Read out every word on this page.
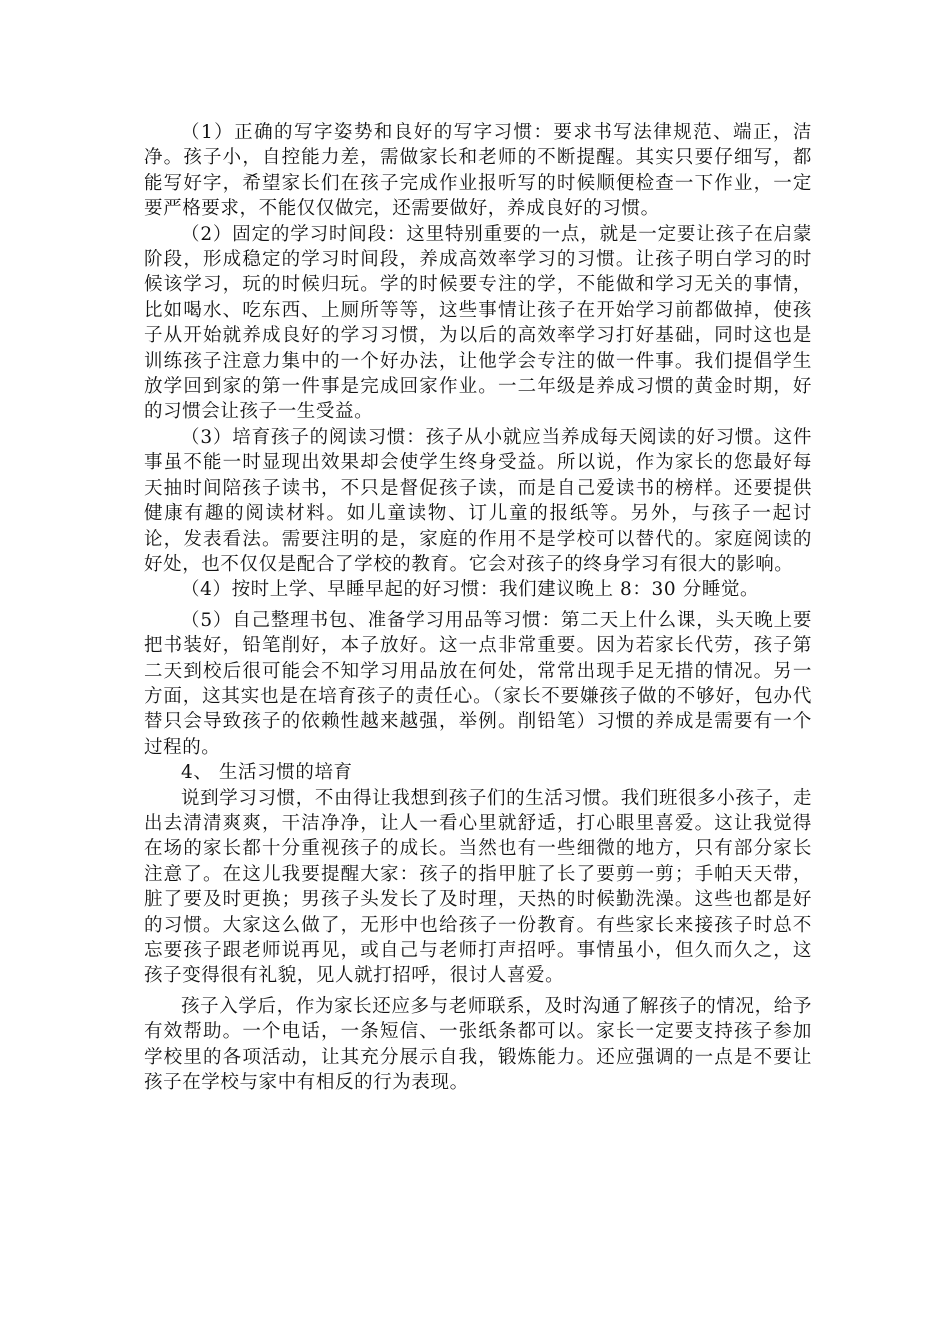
（1）正确的写字姿势和良好的写字习惯：要求书写法律规范、端正，洁净。孩子小，自控能力差，需做家长和老师的不断提醒。其实只要仔细写，都能写好字，希望家长们在孩子完成作业报听写的时候顺便检查一下作业，一定要严格要求，不能仅仅做完，还需要做好，养成良好的习惯。

（2）固定的学习时间段：这里特别重要的一点，就是一定要让孩子在启蒙阶段，形成稳定的学习时间段，养成高效率学习的习惯。让孩子明白学习的时候该学习，玩的时候归玩。学的时候要专注的学，不能做和学习无关的事情，比如喝水、吃东西、上厕所等等，这些事情让孩子在开始学习前都做掉，使孩子从开始就养成良好的学习习惯，为以后的高效率学习打好基础，同时这也是训练孩子注意力集中的一个好办法，让他学会专注的做一件事。我们提倡学生放学回到家的第一件事是完成回家作业。一二年级是养成习惯的黄金时期，好的习惯会让孩子一生受益。

（3）培育孩子的阅读习惯：孩子从小就应当养成每天阅读的好习惯。这件事虽不能一时显现出效果却会使学生终身受益。所以说，作为家长的您最好每天抽时间陪孩子读书，不只是督促孩子读，而是自己爱读书的榜样。还要提供健康有趣的阅读材料。如儿童读物、订儿童的报纸等。另外，与孩子一起讨论，发表看法。需要注明的是，家庭的作用不是学校可以替代的。家庭阅读的好处，也不仅仅是配合了学校的教育。它会对孩子的终身学习有很大的影响。

（4）按时上学、早睡早起的好习惯：我们建议晚上 8：30 分睡觉。

（5）自己整理书包、准备学习用品等习惯：第二天上什么课，头天晚上要把书装好，铅笔削好，本子放好。这一点非常重要。因为若家长代劳，孩子第二天到校后很可能会不知学习用品放在何处，常常出现手足无措的情况。另一方面，这其实也是在培育孩子的责任心。（家长不要嫌孩子做的不够好，包办代替只会导致孩子的依赖性越来越强，举例。削铅笔）习惯的养成是需要有一个过程的。

4、 生活习惯的培育

说到学习习惯，不由得让我想到孩子们的生活习惯。我们班很多小孩子，走出去清清爽爽，干洁净净，让人一看心里就舒适，打心眼里喜爱。这让我觉得在场的家长都十分重视孩子的成长。当然也有一些细微的地方，只有部分家长注意了。在这儿我要提醒大家：孩子的指甲脏了长了要剪一剪；手帕天天带，脏了要及时更换；男孩子头发长了及时理，天热的时候勤洗澡。这些也都是好的习惯。大家这么做了，无形中也给孩子一份教育。有些家长来接孩子时总不忘要孩子跟老师说再见，或自己与老师打声招呼。事情虽小，但久而久之，这孩子变得很有礼貌，见人就打招呼，很讨人喜爱。

孩子入学后，作为家长还应多与老师联系，及时沟通了解孩子的情况，给予有效帮助。一个电话，一条短信、一张纸条都可以。家长一定要支持孩子参加学校里的各项活动，让其充分展示自我，锻炼能力。还应强调的一点是不要让孩子在学校与家中有相反的行为表现。
